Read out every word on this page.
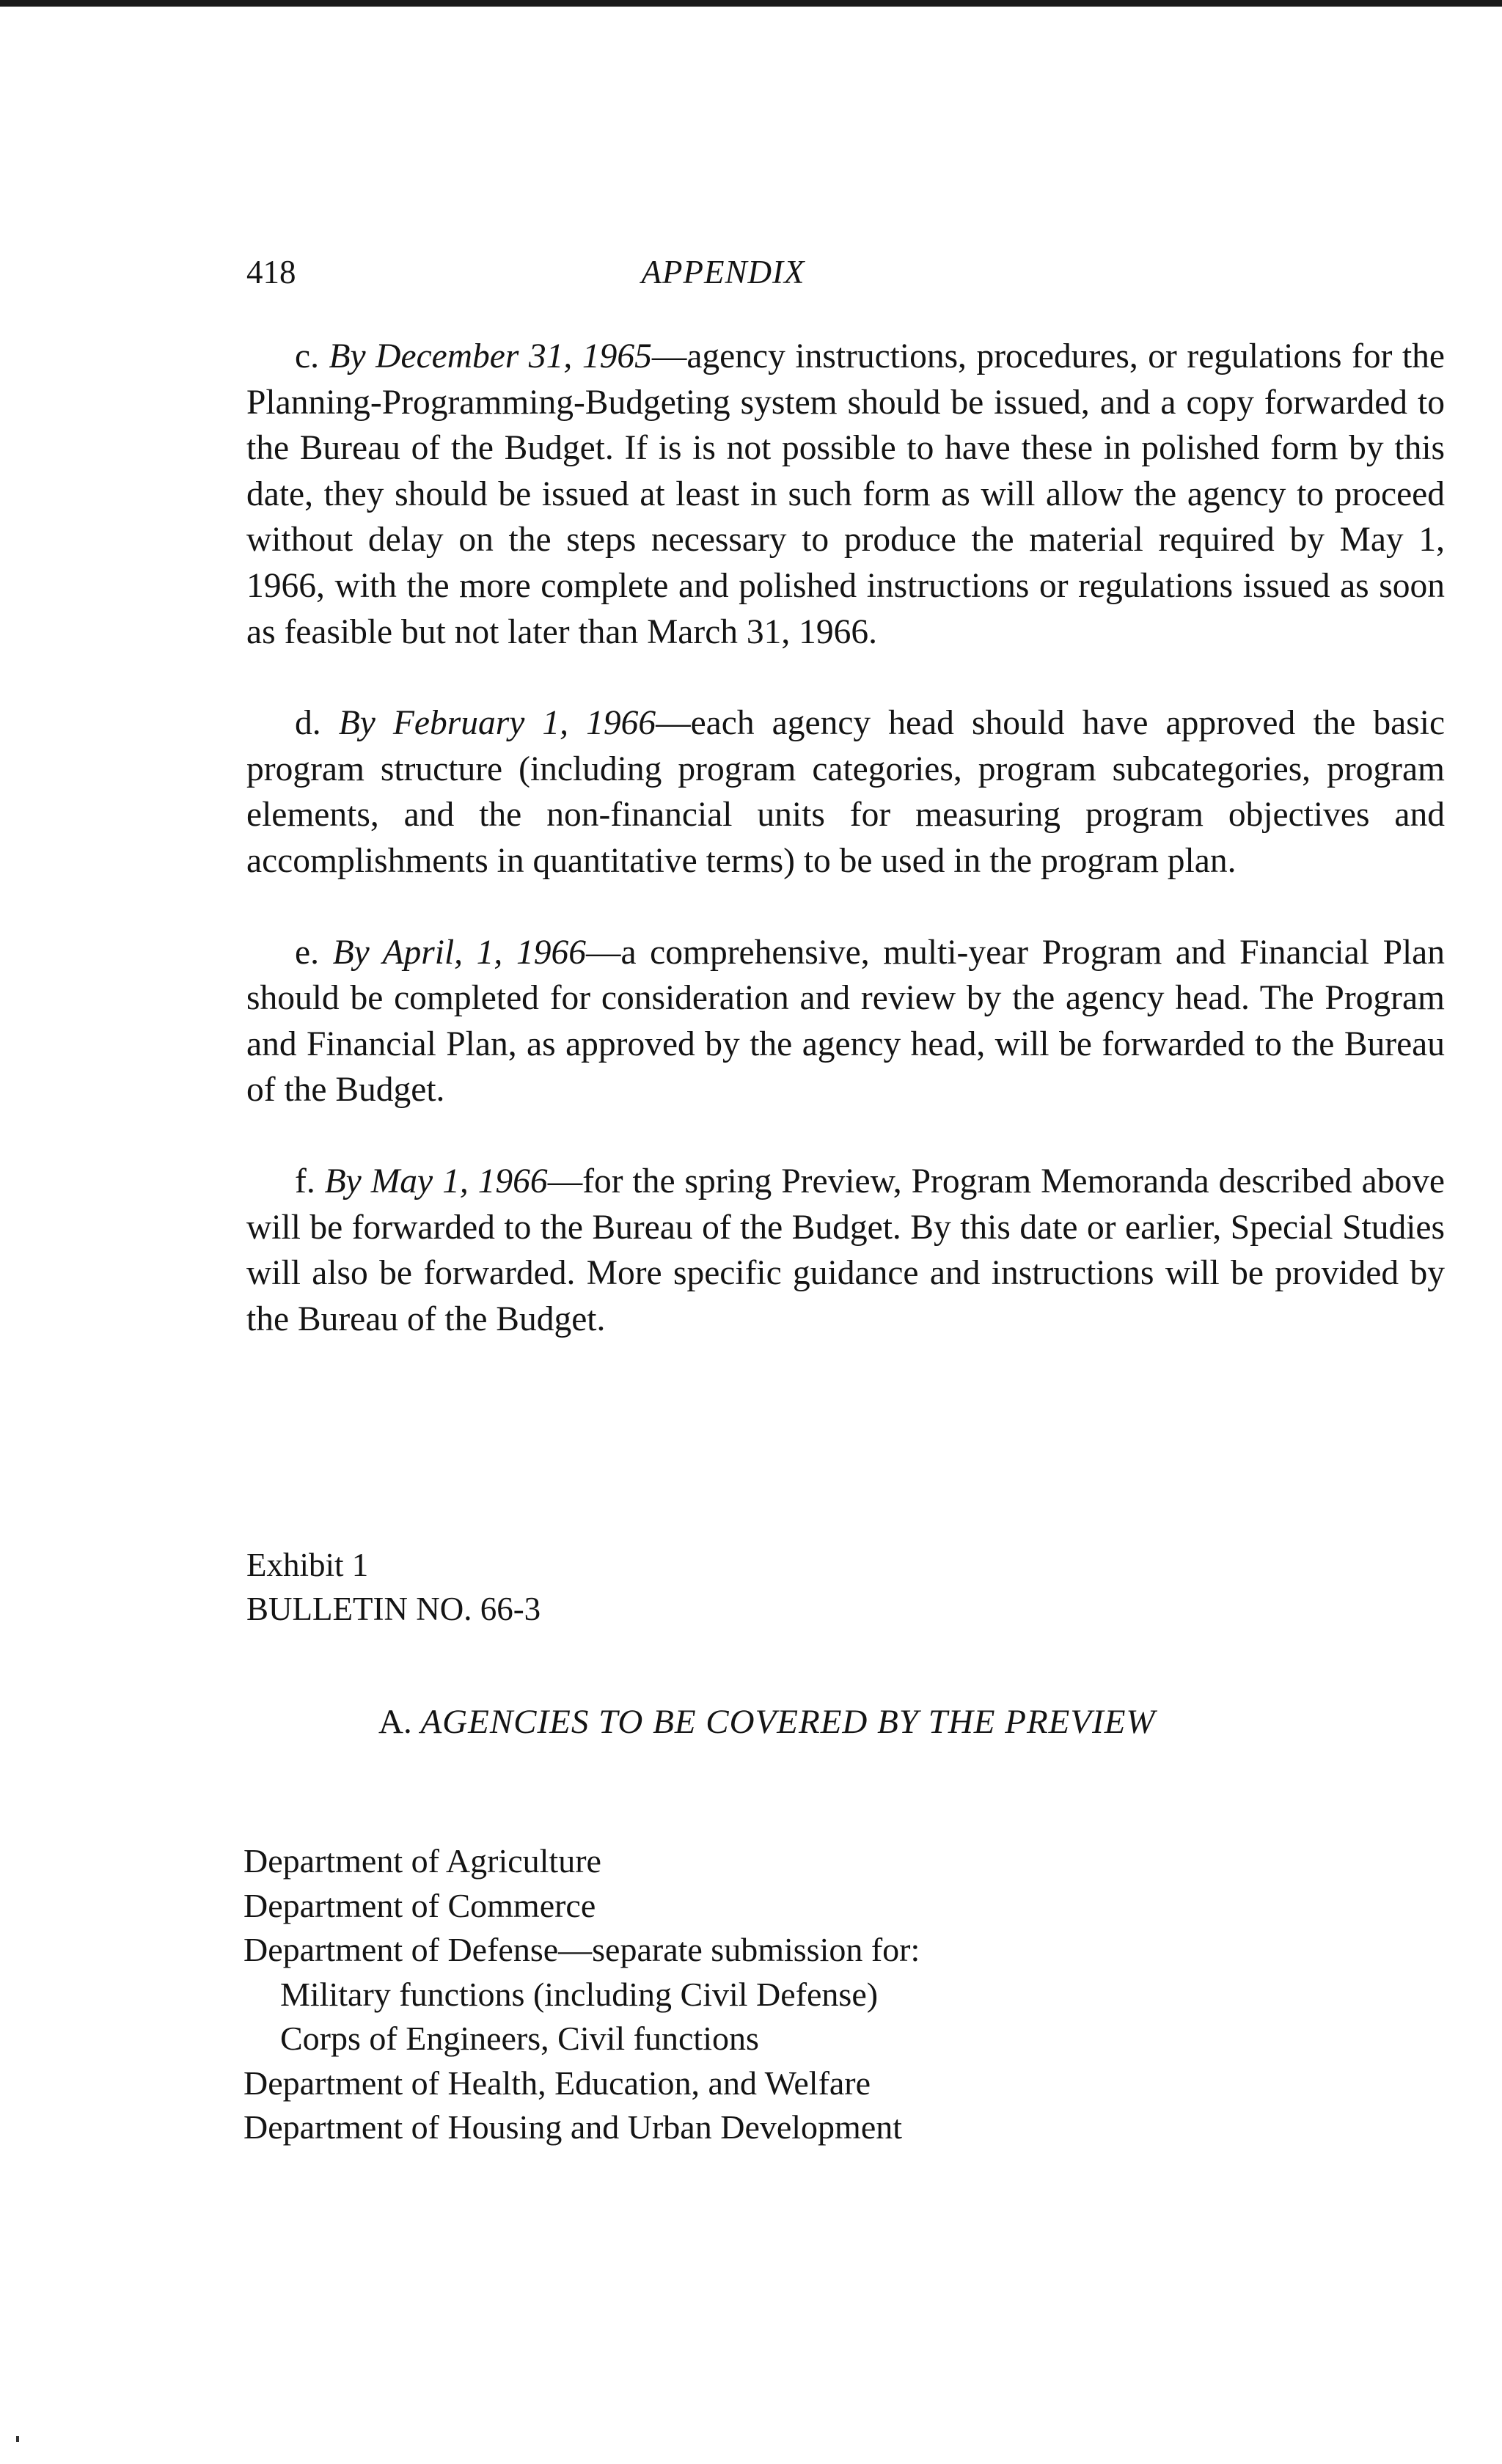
418	APPENDIX

c. By December 31, 1965—agency instructions, procedures, or regulations for the Planning-Programming-Budgeting system should be issued, and a copy forwarded to the Bureau of the Budget. If is is not possible to have these in polished form by this date, they should be issued at least in such form as will allow the agency to proceed without delay on the steps necessary to produce the material required by May 1, 1966, with the more complete and polished instructions or regulations issued as soon as feasible but not later than March 31, 1966.

d. By February 1, 1966—each agency head should have approved the basic program structure (including program categories, program subcategories, program elements, and the non-financial units for measuring program objectives and accomplishments in quantitative terms) to be used in the program plan.

e. By April, 1, 1966—a comprehensive, multi-year Program and Financial Plan should be completed for consideration and review by the agency head. The Program and Financial Plan, as approved by the agency head, will be forwarded to the Bureau of the Budget.

f. By May 1, 1966—for the spring Preview, Program Memoranda described above will be forwarded to the Bureau of the Budget. By this date or earlier, Special Studies will also be forwarded. More specific guidance and instructions will be provided by the Bureau of the Budget.

Exhibit 1
BULLETIN NO. 66-3
A. AGENCIES TO BE COVERED BY THE PREVIEW
Department of Agriculture
Department of Commerce
Department of Defense—separate submission for:
Military functions (including Civil Defense)
Corps of Engineers, Civil functions
Department of Health, Education, and Welfare
Department of Housing and Urban Development
